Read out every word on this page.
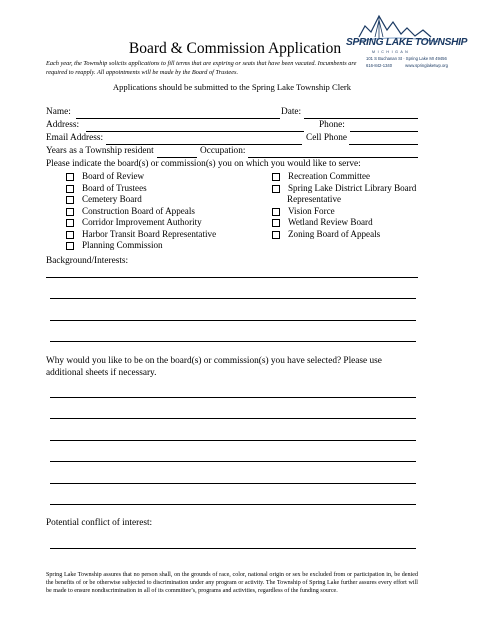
Board & Commission Application
Each year, the Township solicits applications to fill terms that are expiring or seats that have been vacated. Incumbents are required to reapply. All appointments will be made by the Board of Trustees.
SPRING LAKE TOWNSHIP
M I C H I G A N
101 S Buchanan St · Spring Lake MI 49456
616-842-1340	www.springlaketwp.org
Applications should be submitted to the Spring Lake Township Clerk
Name:	Date:
Address:	Phone:
Email Address:	Cell Phone
Years as a Township resident	Occupation:
Please indicate the board(s) or commission(s) you on which you would like to serve:
Board of Review
Board of Trustees
Cemetery Board
Construction Board of Appeals
Corridor Improvement Authority
Harbor Transit Board Representative
Planning Commission
Recreation Committee
Spring Lake District Library Board
Representative
Vision Force
Wetland Review Board
Zoning Board of Appeals
Background/Interests:
Why would you like to be on the board(s) or commission(s) you have selected? Please use additional sheets if necessary.
Potential conflict of interest:
Spring Lake Township assures that no person shall, on the grounds of race, color, national origin or sex be excluded from or participation in, be denied the benefits of or be otherwise subjected to discrimination under any program or activity. The Township of Spring Lake further assures every effort will be made to ensure nondiscrimination in all of its committee’s, programs and activities, regardless of the funding source.
